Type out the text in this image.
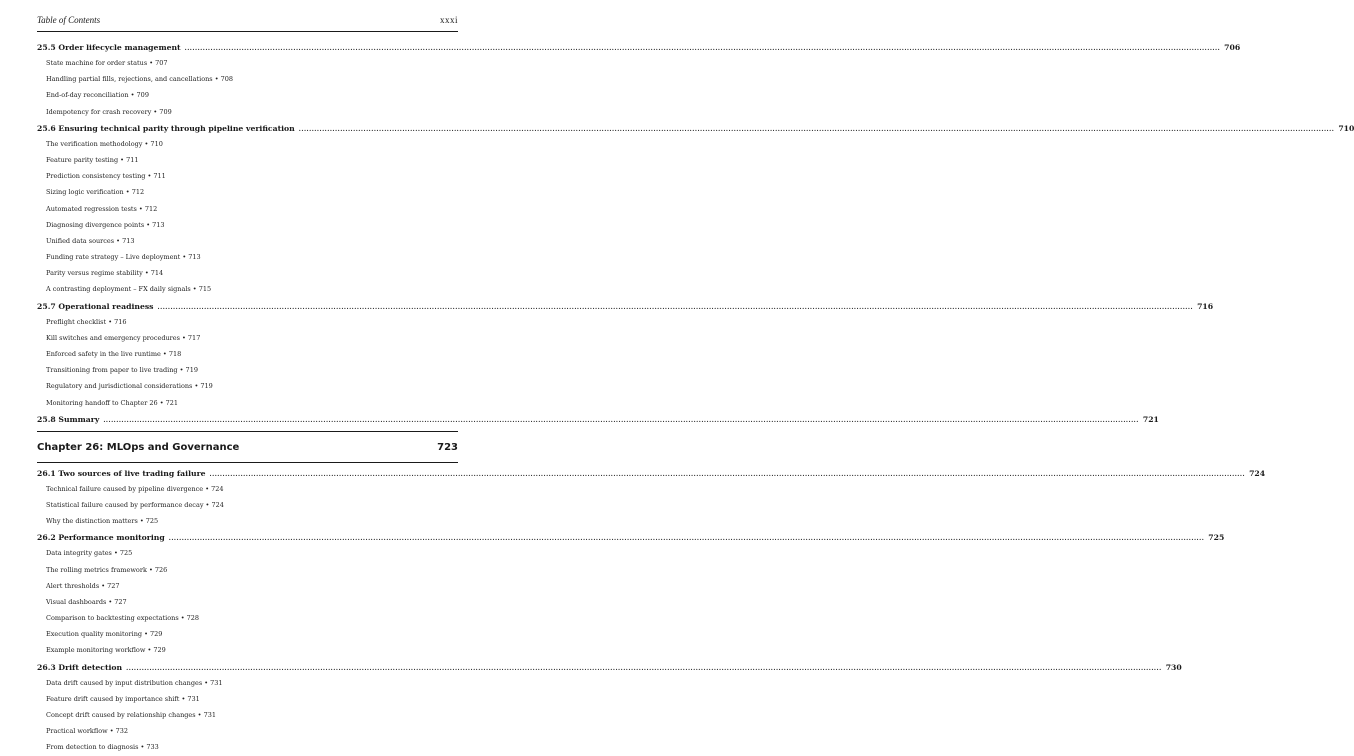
Table of Contents	xxxi
25.5 Order lifecycle management ................................................................................................................................................................................................................................................................................................................................................................................................................ 706
State machine for order status • 707
Handling partial fills, rejections, and cancellations • 708
End-of-day reconciliation • 709
Idempotency for crash recovery • 709
25.6 Ensuring technical parity through pipeline verification ................................................................................................................................................................................................................................................................................................................................................................................................................ 710
The verification methodology • 710
Feature parity testing • 711
Prediction consistency testing • 711
Sizing logic verification • 712
Automated regression tests • 712
Diagnosing divergence points • 713
Unified data sources • 713
Funding rate strategy – Live deployment • 713
Parity versus regime stability • 714
A contrasting deployment – FX daily signals • 715
25.7 Operational readiness ................................................................................................................................................................................................................................................................................................................................................................................................................ 716
Preflight checklist • 716
Kill switches and emergency procedures • 717
Enforced safety in the live runtime • 718
Transitioning from paper to live trading • 719
Regulatory and jurisdictional considerations • 719
Monitoring handoff to Chapter 26 • 721
25.8 Summary ................................................................................................................................................................................................................................................................................................................................................................................................................ 721
Chapter 26: MLOps and Governance	723
26.1 Two sources of live trading failure ................................................................................................................................................................................................................................................................................................................................................................................................................ 724
Technical failure caused by pipeline divergence • 724
Statistical failure caused by performance decay • 724
Why the distinction matters • 725
26.2 Performance monitoring ................................................................................................................................................................................................................................................................................................................................................................................................................ 725
Data integrity gates • 725
The rolling metrics framework • 726
Alert thresholds • 727
Visual dashboards • 727
Comparison to backtesting expectations • 728
Execution quality monitoring • 729
Example monitoring workflow • 729
26.3 Drift detection ................................................................................................................................................................................................................................................................................................................................................................................................................ 730
Data drift caused by input distribution changes • 731
Feature drift caused by importance shift • 731
Concept drift caused by relationship changes • 731
Practical workflow • 732
From detection to diagnosis • 733
